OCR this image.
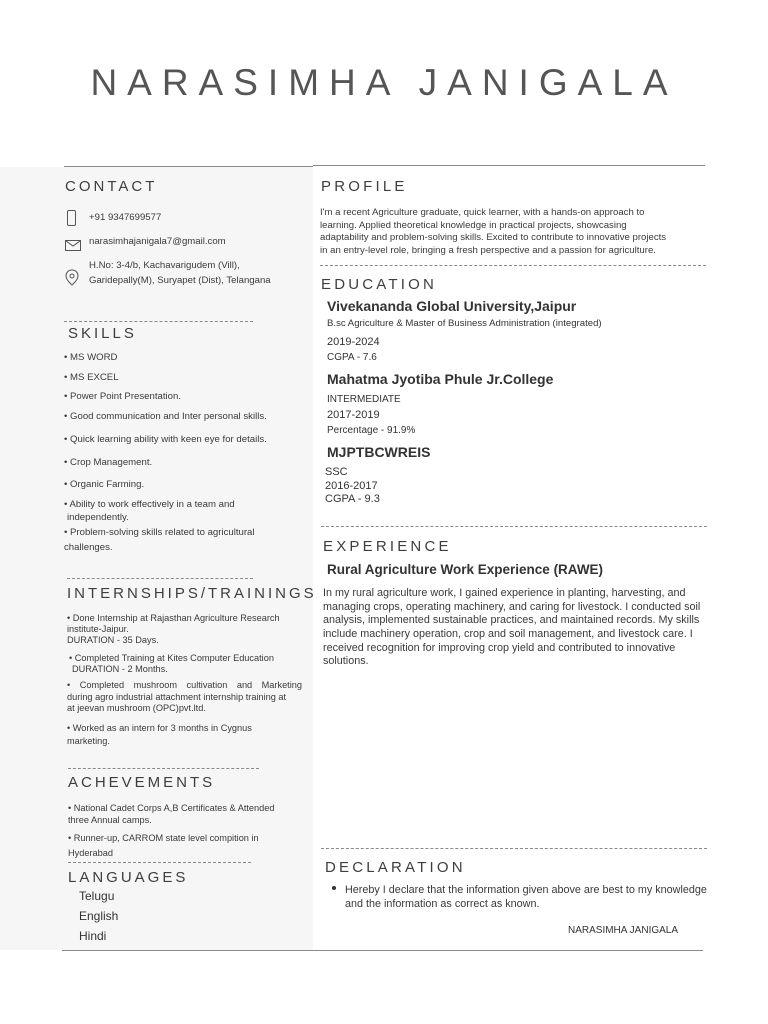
NARASIMHA JANIGALA
CONTACT
+91 9347699577
narasimhajanigala7@gmail.com
H.No: 3-4/b, Kachavarigudem (Vill),
Garidepally(M), Suryapet (Dist), Telangana
SKILLS
• MS WORD
• MS EXCEL
• Power Point Presentation.
• Good communication and Inter personal skills.
• Quick learning ability with keen eye for details.
• Crop Management.
• Organic Farming.
• Ability to work effectively in a team and
independently.
• Problem-solving skills related to agricultural
challenges.
INTERNSHIPS/TRAININGS
• Done Internship at Rajasthan Agriculture Research
institute-Jaipur.
DURATION - 35 Days.
• Completed Training at Kites Computer Education
DURATION - 2 Months.
• Completed mushroom cultivation and Marketing
during agro industrial attachment internship training at
at jeevan mushroom (OPC)pvt.ltd.
• Worked as an intern for 3 months in Cygnus
marketing.
ACHEVEMENTS
• National Cadet Corps A,B Certificates & Attended
three Annual camps.
• Runner-up, CARROM state level compition in
Hyderabad
LANGUAGES
Telugu
English
Hindi
PROFILE
I'm a recent Agriculture graduate, quick learner, with a hands-on approach to
learning. Applied theoretical knowledge in practical projects, showcasing
adaptability and problem-solving skills. Excited to contribute to innovative projects
in an entry-level role, bringing a fresh perspective and a passion for agriculture.
EDUCATION
Vivekananda Global University,Jaipur
B.sc Agriculture & Master of Business Administration (integrated)
2019-2024
CGPA - 7.6
Mahatma Jyotiba Phule Jr.College
INTERMEDIATE
2017-2019
Percentage - 91.9%
MJPTBCWREIS
SSC
2016-2017
CGPA - 9.3
EXPERIENCE
Rural Agriculture Work Experience (RAWE)
In my rural agriculture work, I gained experience in planting, harvesting, and
managing crops, operating machinery, and caring for livestock. I conducted soil
analysis, implemented sustainable practices, and maintained records. My skills
include machinery operation, crop and soil management, and livestock care. I
received recognition for improving crop yield and contributed to innovative
solutions.
DECLARATION
Hereby I declare that the information given above are best to my knowledge
and the information as correct as known.
NARASIMHA JANIGALA
